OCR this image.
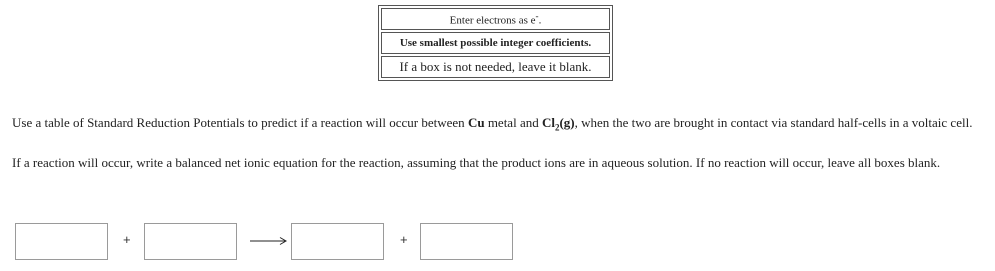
Enter electrons as e-.
Use smallest possible integer coefficients.
If a box is not needed, leave it blank.

Use a table of Standard Reduction Potentials to predict if a reaction will occur between Cu metal and $Cl_2(g)$, when the two are brought in contact via standard half-cells in a voltaic cell.

If a reaction will occur, write a balanced net ionic equation for the reaction, assuming that the product ions are in aqueous solution. If no reaction will occur, leave all boxes blank.

+	+
